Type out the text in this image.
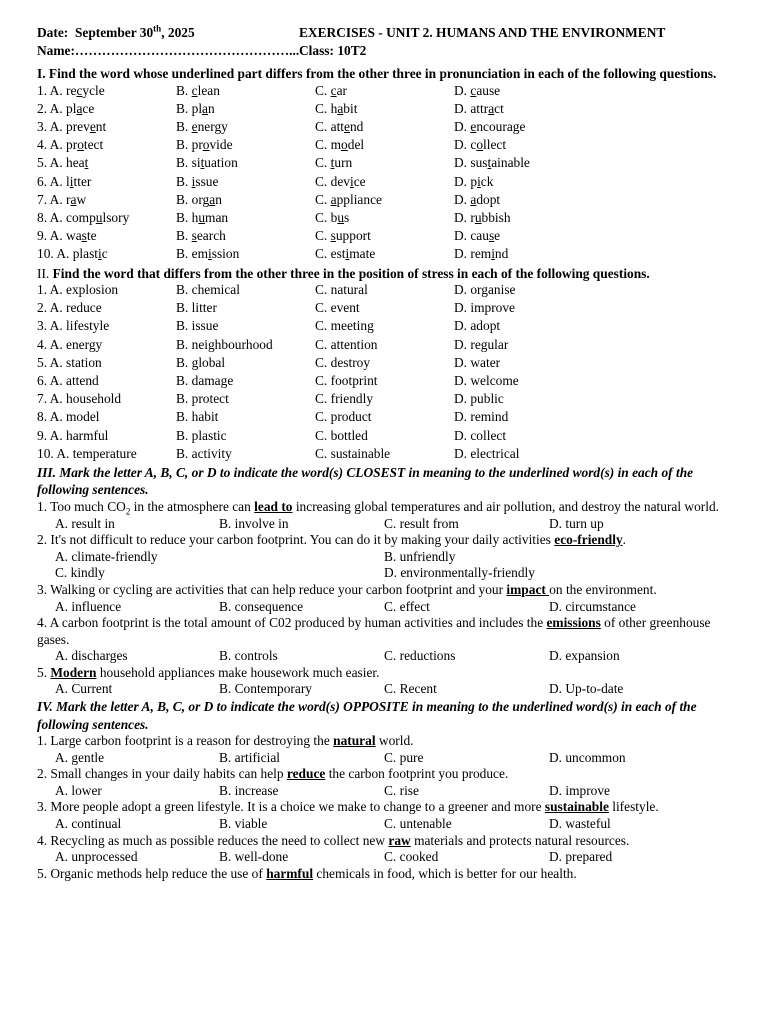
Date: September 30th, 2025	EXERCISES - UNIT 2. HUMANS AND THE ENVIRONMENT
Name:…………………………………………... Class: 10T2
I. Find the word whose underlined part differs from the other three in pronunciation in each of the following questions.
1. A. recycle	B. clean	C. car	D. cause
2. A. place	B. plan	C. habit	D. attract
3. A. prevent	B. energy	C. attend	D. encourage
4. A. protect	B. provide	C. model	D. collect
5. A. heat	B. situation	C. turn	D. sustainable
6. A. litter	B. issue	C. device	D. pick
7. A. raw	B. organ	C. appliance	D. adopt
8. A. compulsory	B. human	C. bus	D. rubbish
9. A. waste	B. search	C. support	D. cause
10. A. plastic	B. emission	C. estimate	D. remind
II. Find the word that differs from the other three in the position of stress in each of the following questions.
1. A. explosion	B. chemical	C. natural	D. organise
2. A. reduce	B. litter	C. event	D. improve
3. A. lifestyle	B. issue	C. meeting	D. adopt
4. A. energy	B. neighbourhood	C. attention	D. regular
5. A. station	B. global	C. destroy	D. water
6. A. attend	B. damage	C. footprint	D. welcome
7. A. household	B. protect	C. friendly	D. public
8. A. model	B. habit	C. product	D. remind
9. A. harmful	B. plastic	C. bottled	D. collect
10. A. temperature	B. activity	C. sustainable	D. electrical
III. Mark the letter A, B, C, or D to indicate the word(s) CLOSEST in meaning to the underlined word(s) in each of the following sentences.
1. Too much $CO_2$ in the atmosphere can lead to increasing global temperatures and air pollution, and destroy the natural world.
A. result in	B. involve in	C. result from	D. turn up
2. It's not difficult to reduce your carbon footprint. You can do it by making your daily activities eco-friendly.
A. climate-friendly	B. unfriendly
C. kindly	D. environmentally-friendly
3. Walking or cycling are activities that can help reduce your carbon footprint and your impact on the environment.
A. influence	B. consequence	C. effect	D. circumstance
4. A carbon footprint is the total amount of C02 produced by human activities and includes the emissions of other greenhouse gases.
A. discharges	B. controls	C. reductions	D. expansion
5. Modern household appliances make housework much easier.
A. Current	B. Contemporary	C. Recent	D. Up-to-date
IV. Mark the letter A, B, C, or D to indicate the word(s) OPPOSITE in meaning to the underlined word(s) in each of the following sentences.
1. Large carbon footprint is a reason for destroying the natural world.
A. gentle	B. artificial	C. pure	D. uncommon
2. Small changes in your daily habits can help reduce the carbon footprint you produce.
A. lower	B. increase	C. rise	D. improve
3. More people adopt a green lifestyle. It is a choice we make to change to a greener and more sustainable lifestyle.
A. continual	B. viable	C. untenable	D. wasteful
4. Recycling as much as possible reduces the need to collect new raw materials and protects natural resources.
A. unprocessed	B. well-done	C. cooked	D. prepared
5. Organic methods help reduce the use of harmful chemicals in food, which is better for our health.
